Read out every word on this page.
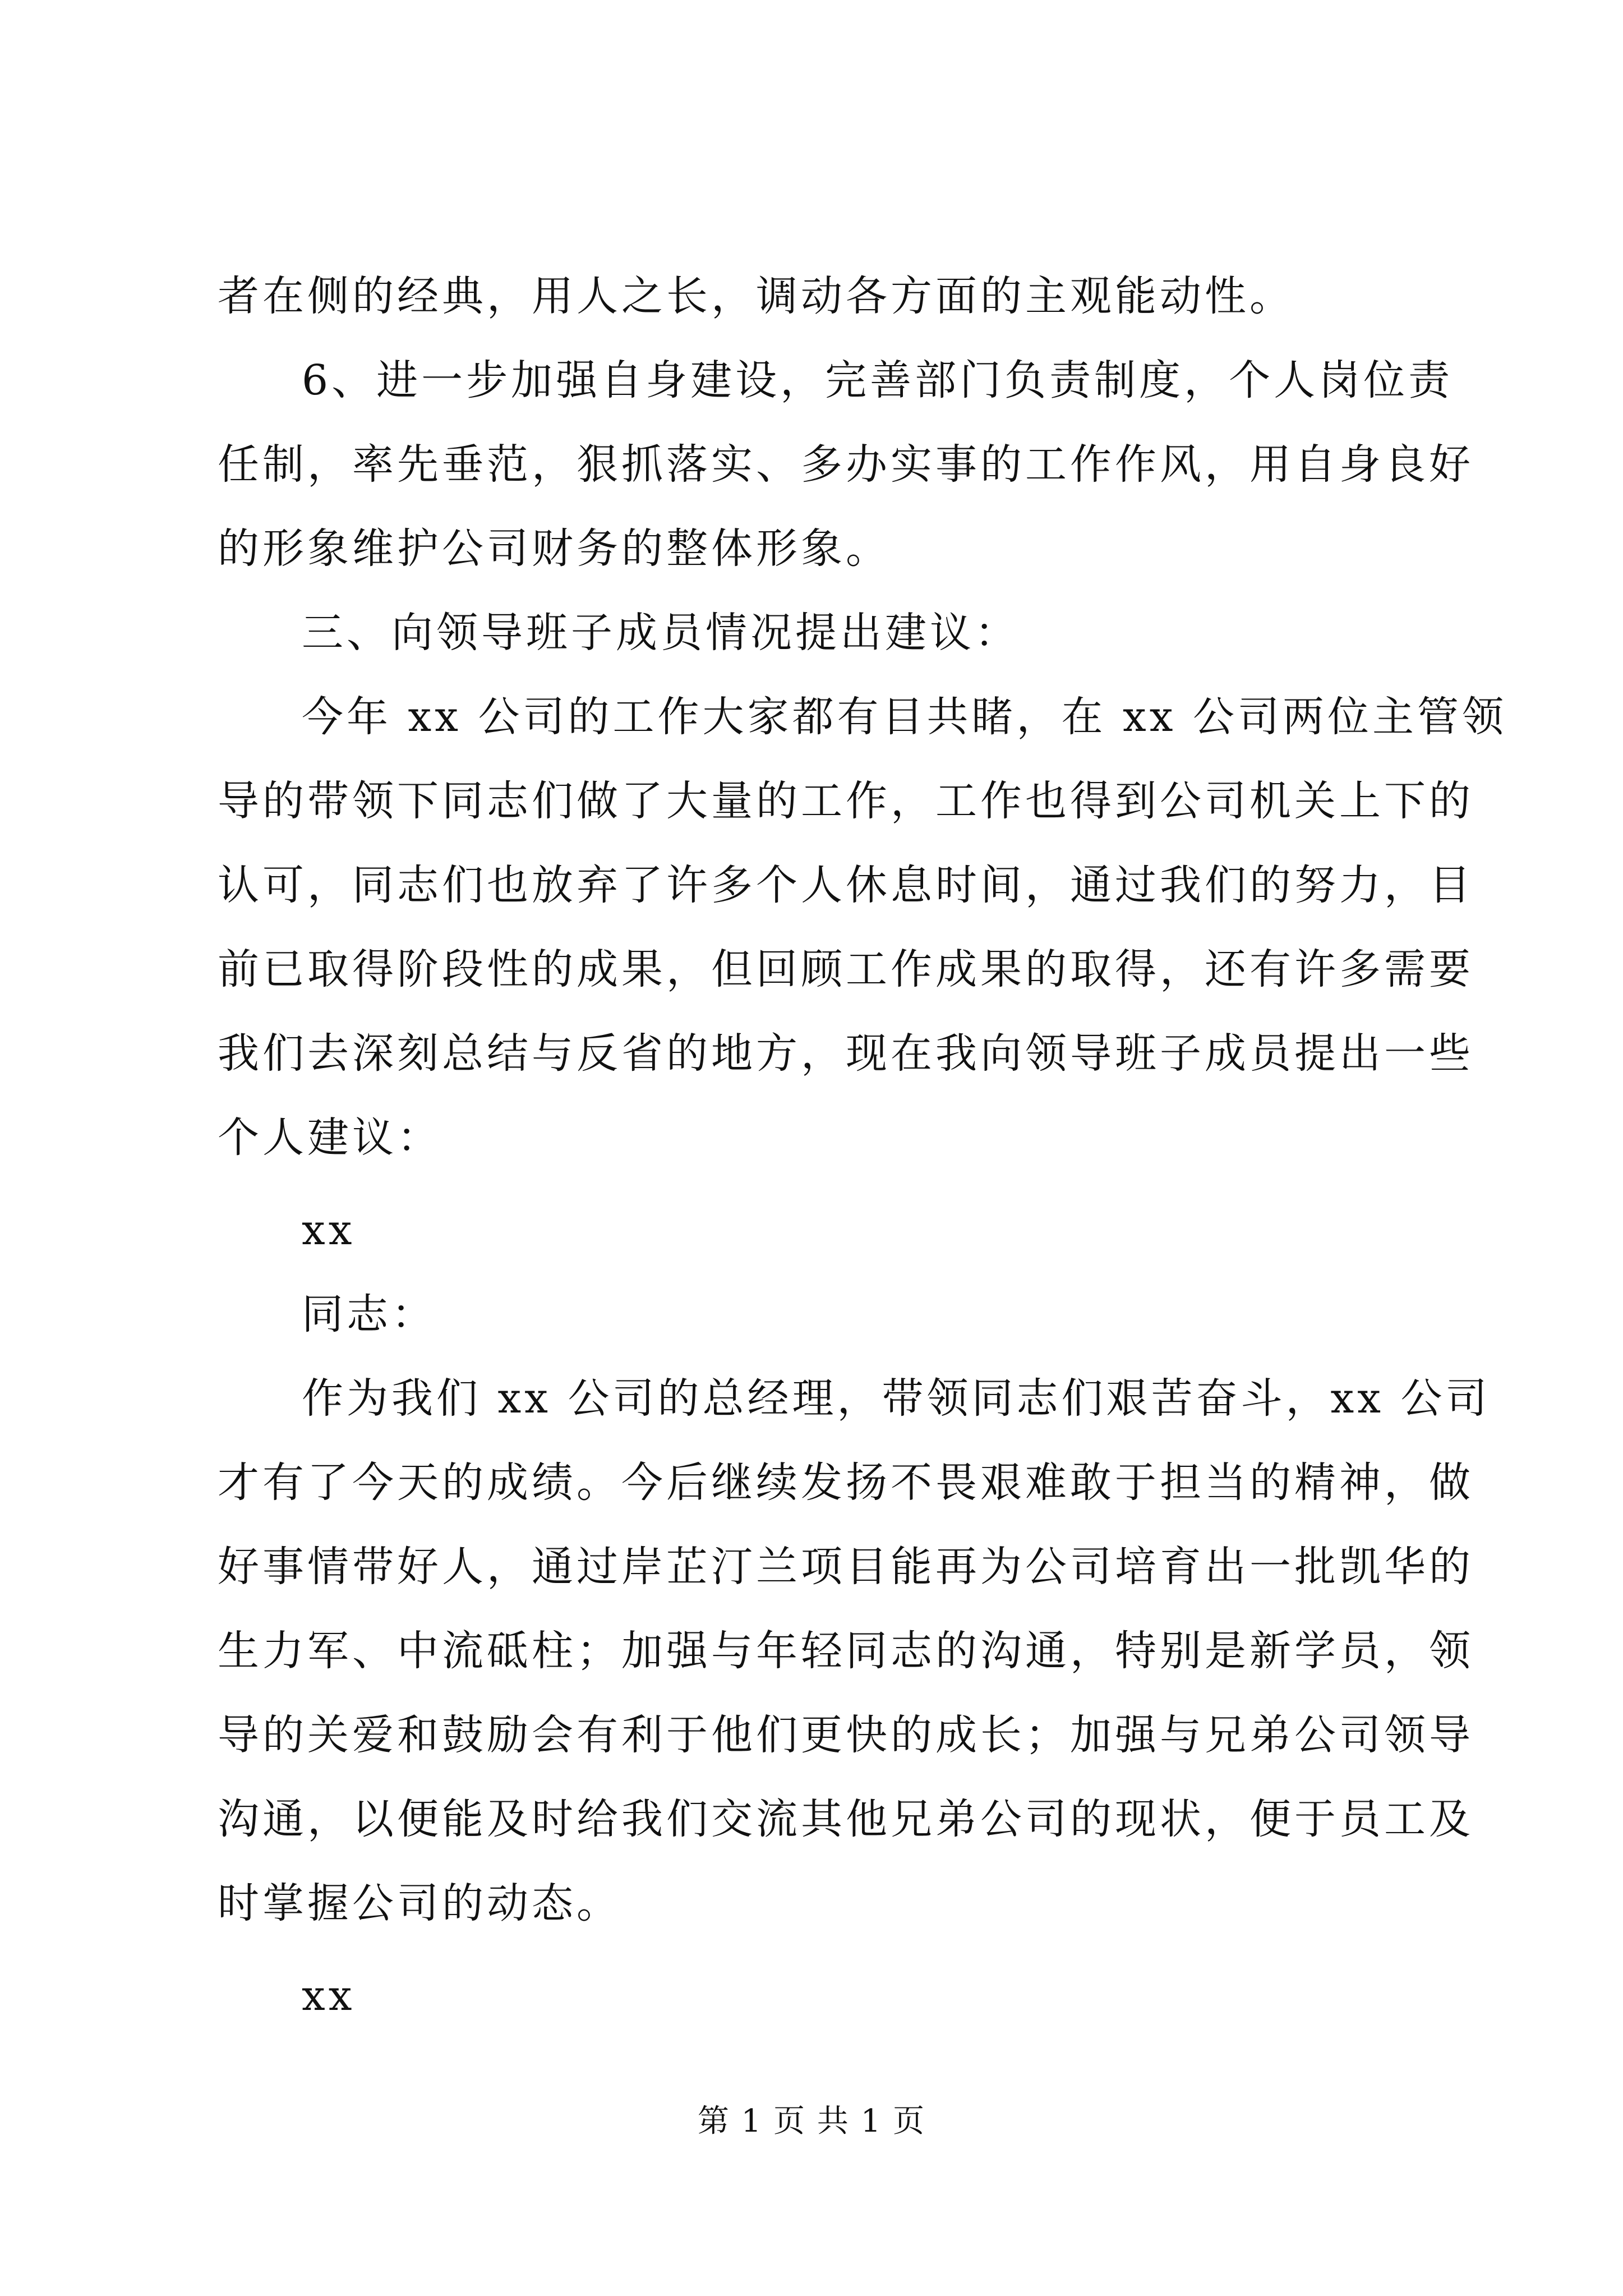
者在侧的经典，用人之长，调动各方面的主观能动性。
6、进一步加强自身建设，完善部门负责制度，个人岗位责
任制，率先垂范，狠抓落实、多办实事的工作作风，用自身良好
的形象维护公司财务的整体形象。
三、向领导班子成员情况提出建议：
今年 xx 公司的工作大家都有目共睹，在 xx 公司两位主管领
导的带领下同志们做了大量的工作，工作也得到公司机关上下的
认可，同志们也放弃了许多个人休息时间，通过我们的努力，目
前已取得阶段性的成果，但回顾工作成果的取得，还有许多需要
我们去深刻总结与反省的地方，现在我向领导班子成员提出一些
个人建议：
xx
同志：
作为我们 xx 公司的总经理，带领同志们艰苦奋斗，xx 公司
才有了今天的成绩。今后继续发扬不畏艰难敢于担当的精神，做
好事情带好人，通过岸芷汀兰项目能再为公司培育出一批凯华的
生力军、中流砥柱；加强与年轻同志的沟通，特别是新学员，领
导的关爱和鼓励会有利于他们更快的成长；加强与兄弟公司领导
沟通，以便能及时给我们交流其他兄弟公司的现状，便于员工及
时掌握公司的动态。
xx
第 1 页 共 1 页
